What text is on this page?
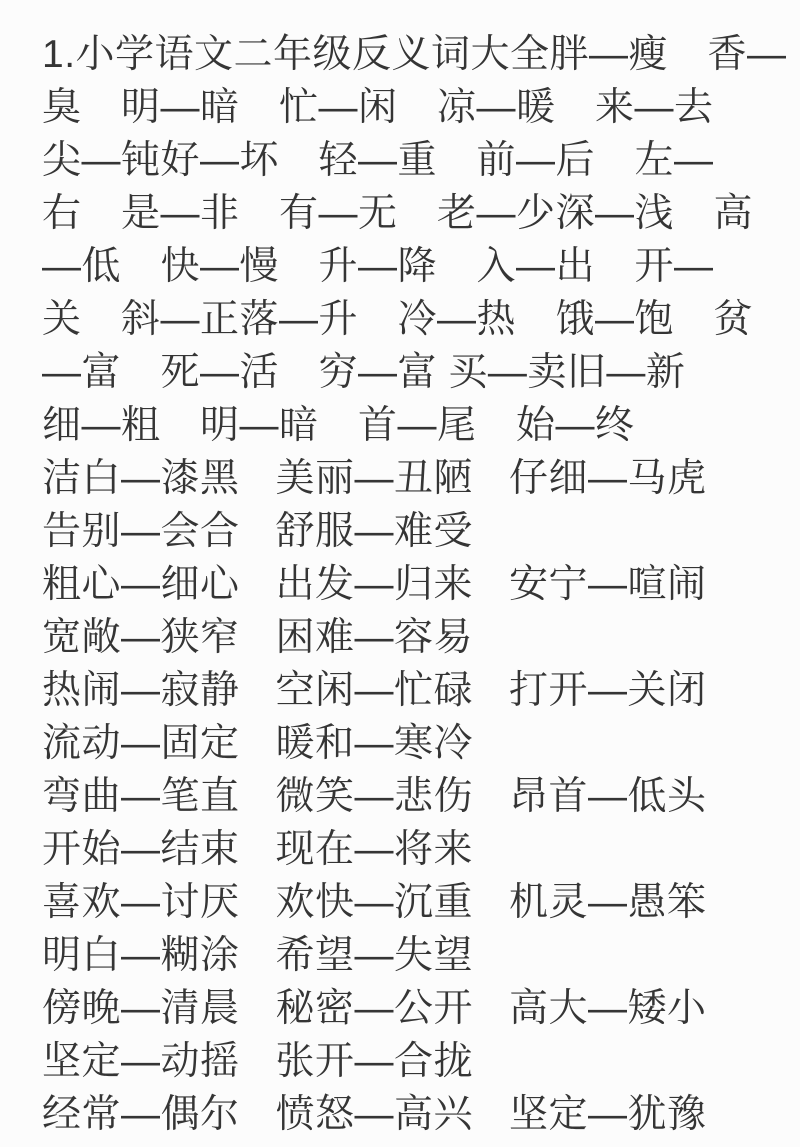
1.小学语文二年级反义词大全胖—瘦　香—
臭　明—暗　忙—闲　凉—暖　来—去
尖—钝好—坏　轻—重　前—后　左—
右　是—非　有—无　老—少深—浅　高
—低　快—慢　升—降　入—出　开—
关　斜—正落—升　冷—热　饿—饱　贫
—富　死—活　穷—富 买—卖旧—新
细—粗　明—暗　首—尾　始—终
洁白—漆黑 美丽—丑陋 仔细—马虎
告别—会合 舒服—难受
粗心—细心 出发—归来 安宁—喧闹
宽敞—狭窄 困难—容易
热闹—寂静 空闲—忙碌 打开—关闭
流动—固定 暖和—寒冷
弯曲—笔直 微笑—悲伤 昂首—低头
开始—结束 现在—将来
喜欢—讨厌 欢快—沉重 机灵—愚笨
明白—糊涂 希望—失望
傍晚—清晨 秘密—公开 高大—矮小
坚定—动摇 张开—合拢
经常—偶尔 愤怒—高兴 坚定—犹豫
